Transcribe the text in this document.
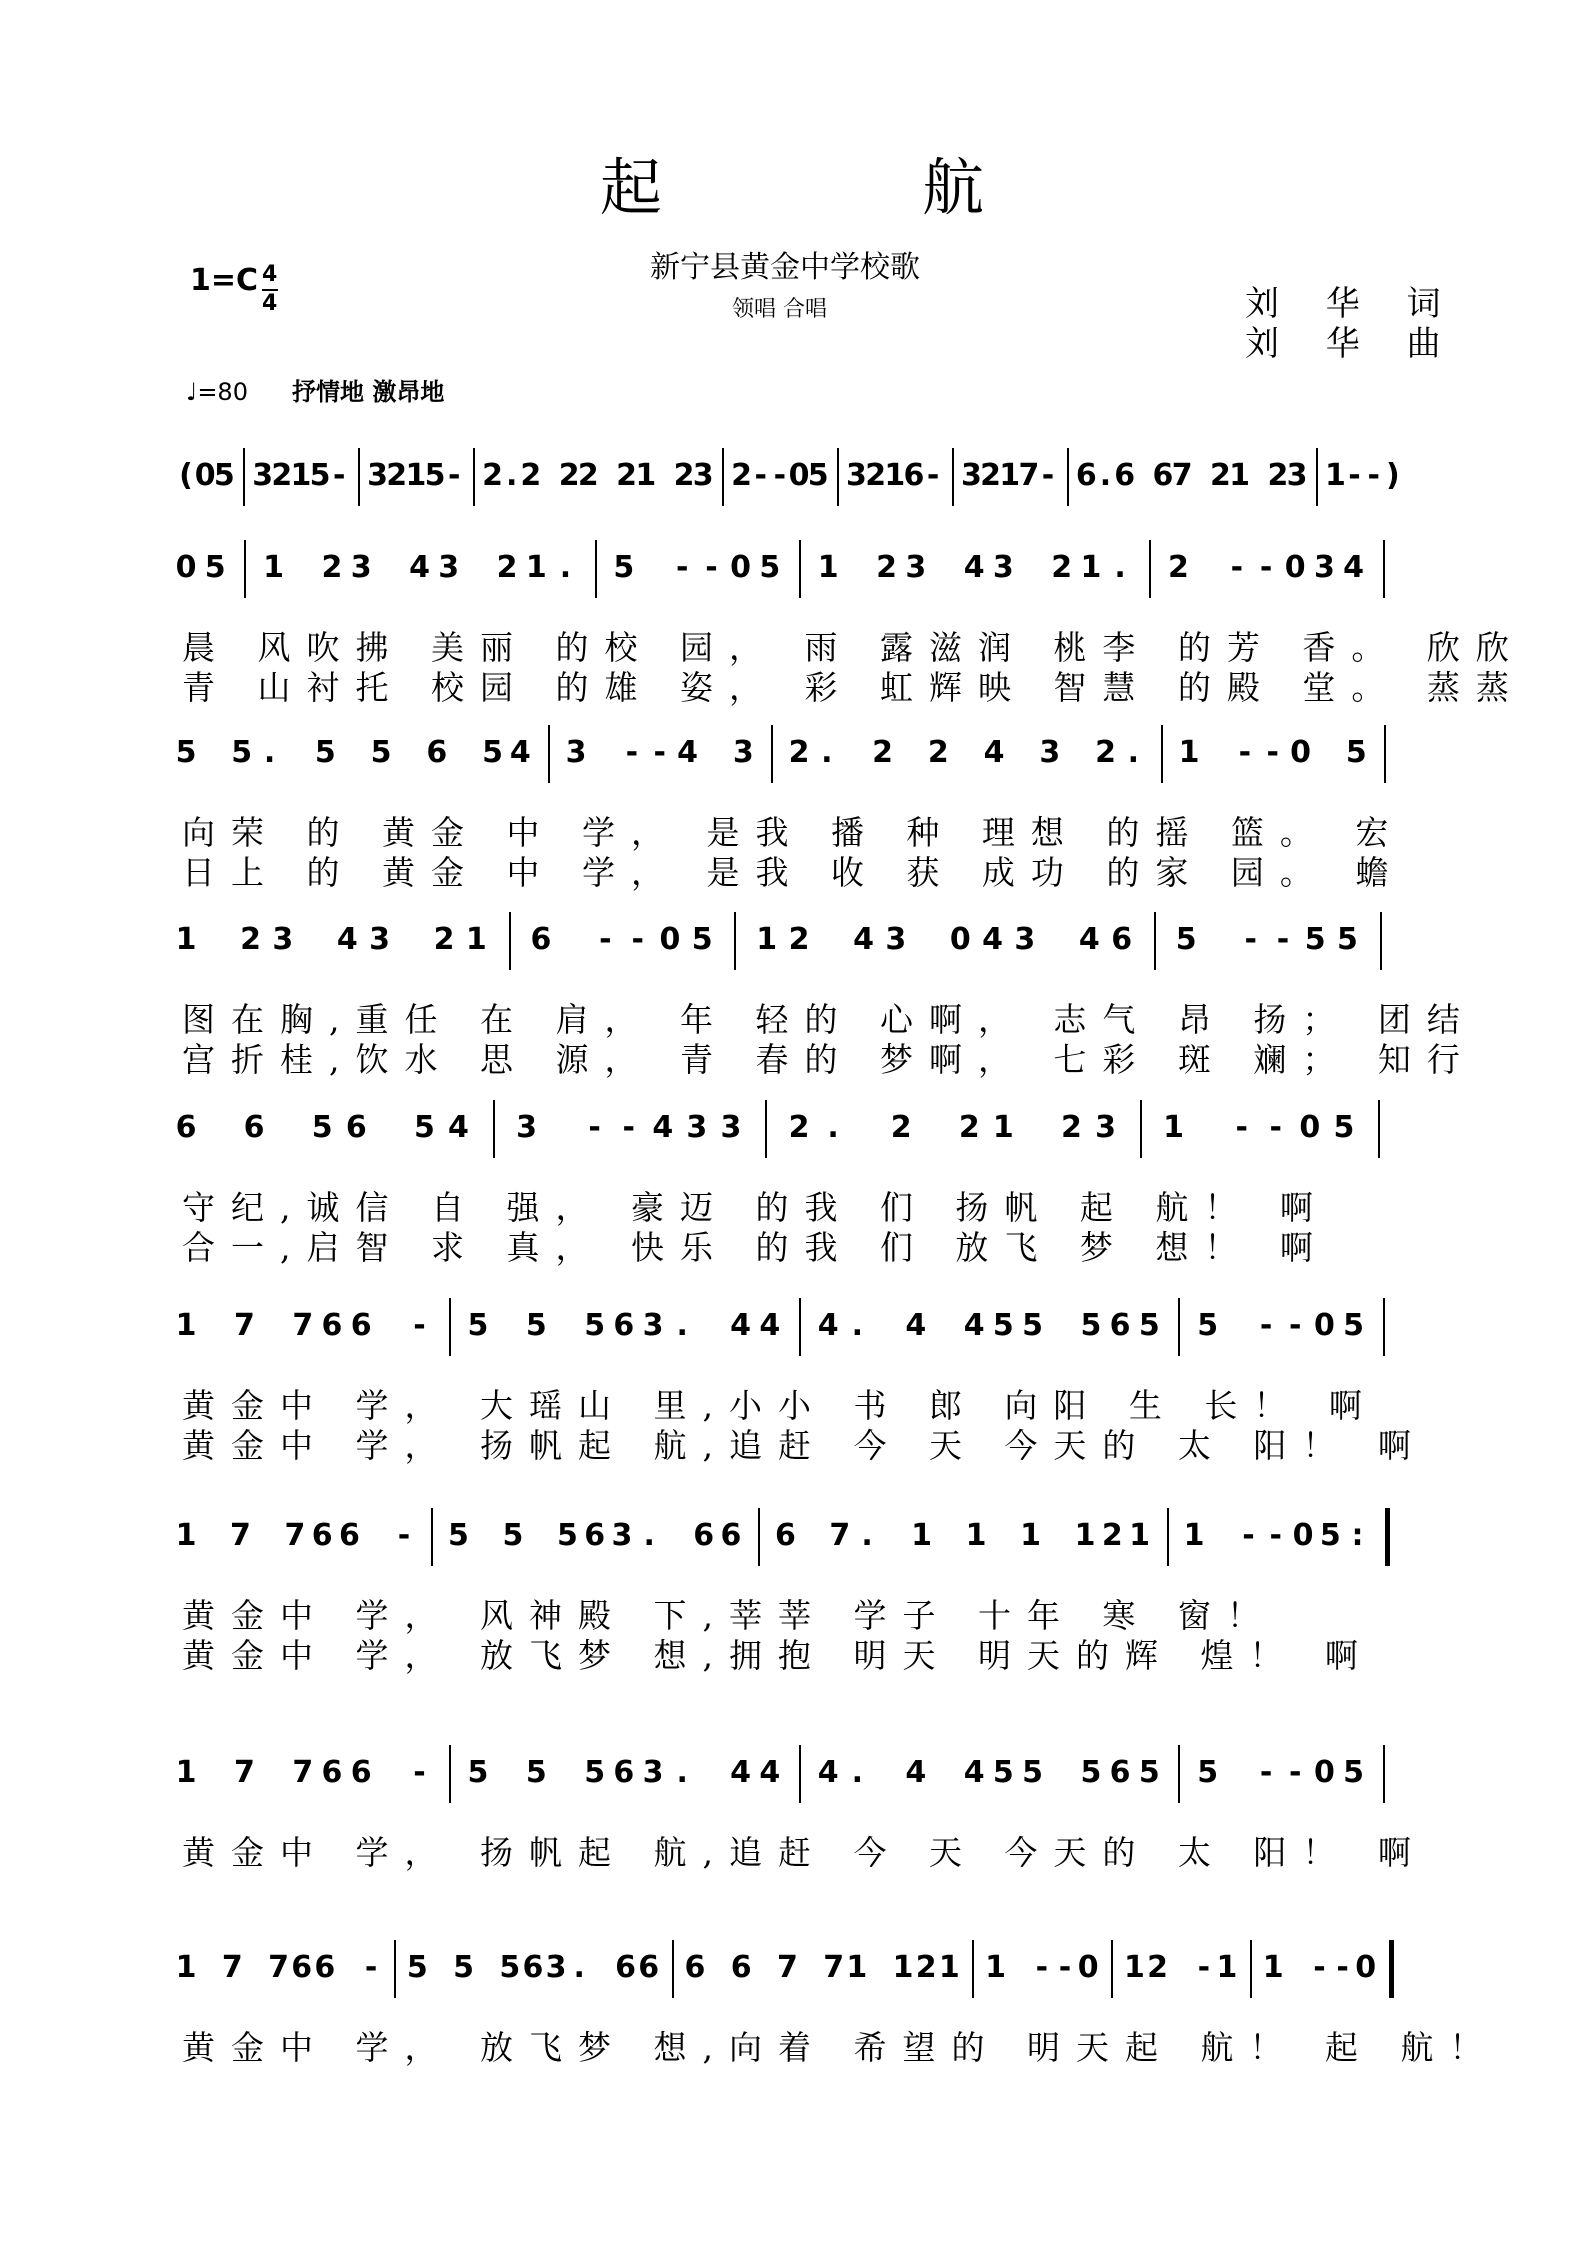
起航
新宁县黄金中学校歌
领唱 合唱	刘 华 词
刘 华 曲
1=C 4
4
♩=80 抒情地 激昂地
( 0
5 3
2
1
5 - 3
2
1
5 - 2 . 2 2
2 2
1 2
3 2 - - 0
5 3
2
1
6 - 3
2
1
7 - 6 . 6 6
7 2
1 2
3 1 - - )
0 5 1 2 3 4 3 2 1 . 5 - - 0 5 1 2 3 4 3 2 1 . 2 - - 0 3 4
晨 风吹拂 美丽 的校 园， 雨 露滋润 桃李 的芳 香。 欣欣
青 山衬托 校园 的雄 姿， 彩 虹辉映 智慧 的殿 堂。 蒸蒸
5 5 . 5 5 6 5 4 3 - - 4 3 2 . 2 2 4 3 2 . 1 - - 0 5
向荣 的 黄金 中 学， 是我 播 种 理想 的摇 篮。 宏
日上 的 黄金 中 学， 是我 收 获 成功 的家 园。 蟾
1 2 3 4 3 2 1 6 - - 0 5 1 2 4 3 0 4 3 4 6 5 - - 5 5
图在胸,重任 在 肩， 年 轻的 心啊， 志气 昂 扬； 团结
宫折桂,饮水 思 源， 青 春的 梦啊， 七彩 斑 斓； 知行
6 6 5 6 5 4 3 - - 4 3 3 2 . 2 2 1 2 3 1 - - 0 5
守纪,诚信 自 强， 豪迈 的我 们 扬帆 起 航！ 啊
合一,启智 求 真， 快乐 的我 们 放飞 梦 想！ 啊
1 7 7 6 6 - 5 5 5 6 3 . 4 4 4 . 4 4 5 5 5 6 5 5 - - 0 5
黄金中 学， 大瑶山 里,小小 书 郎 向阳 生 长！ 啊
黄金中 学， 扬帆起 航,追赶 今 天 今天的 太 阳！ 啊
1 7 7 6 6 - 5 5 5 6 3 . 6 6 6 7 . 1 1 1 1 2 1 1 - - 0 5 :
黄金中 学， 风神殿 下,莘莘 学子 十年 寒 窗！
黄金中 学， 放飞梦 想,拥抱 明天 明天的辉 煌！ 啊
1 7 7 6 6 - 5 5 5 6 3 . 4 4 4 . 4 4 5 5 5 6 5 5 - - 0 5
黄金中 学， 扬帆起 航,追赶 今 天 今天的 太 阳！ 啊
1 7 7 6 6 - 5 5 5 6 3 . 6 6 6 6 7 7 1 1 2 1 1 - - 0 1 2 - 1 1 - - 0
黄金中 学， 放飞梦 想,向着 希望的 明天起 航！ 起 航！
